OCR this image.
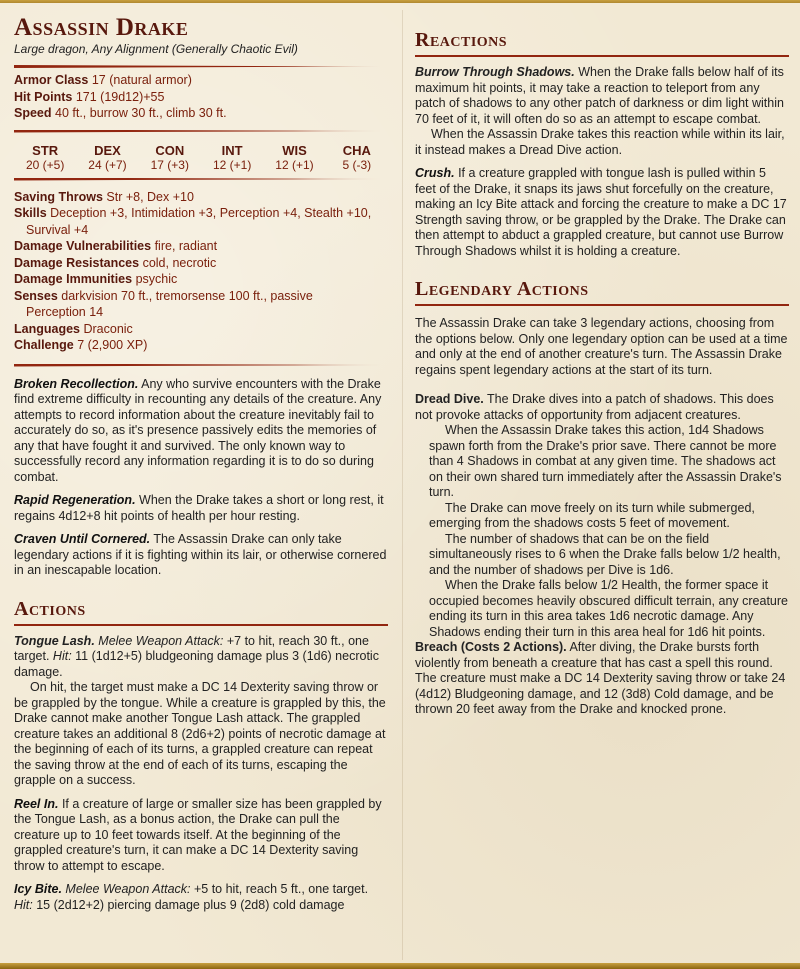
Assassin Drake
Large dragon, Any Alignment (Generally Chaotic Evil)
Armor Class 17 (natural armor)
Hit Points 171 (19d12)+55
Speed 40 ft., burrow 30 ft., climb 30 ft.
STR
20 (+5)
DEX
24 (+7)
CON
17 (+3)
INT
12 (+1)
WIS
12 (+1)
CHA
5 (-3)
Saving Throws Str +8, Dex +10
Skills Deception +3, Intimidation +3, Perception +4, Stealth +10,
Survival +4
Damage Vulnerabilities fire, radiant
Damage Resistances cold, necrotic
Damage Immunities psychic
Senses darkvision 70 ft., tremorsense 100 ft., passive
Perception 14
Languages Draconic
Challenge 7 (2,900 XP)

Broken Recollection. Any who survive encounters with the Drake find extreme difficulty in recounting any details of the creature. Any attempts to record information about the creature inevitably fail to accurately do so, as it's presence passively edits the memories of any that have fought it and survived. The only known way to successfully record any information regarding it is to do so during combat.

Rapid Regeneration. When the Drake takes a short or long rest, it regains 4d12+8 hit points of health per hour resting.

Craven Until Cornered. The Assassin Drake can only take legendary actions if it is fighting within its lair, or otherwise cornered in an inescapable location.

Actions

Tongue Lash. Melee Weapon Attack: +7 to hit, reach 30 ft., one target. Hit: 11 (1d12+5) bludgeoning damage plus 3 (1d6) necrotic damage.

On hit, the target must make a DC 14 Dexterity saving throw or be grappled by the tongue. While a creature is grappled by this, the Drake cannot make another Tongue Lash attack. The grappled creature takes an additional 8 (2d6+2) points of necrotic damage at the beginning of each of its turns, a grappled creature can repeat the saving throw at the end of each of its turns, escaping the grapple on a success.

Reel In. If a creature of large or smaller size has been grappled by the Tongue Lash, as a bonus action, the Drake can pull the creature up to 10 feet towards itself. At the beginning of the grappled creature's turn, it can make a DC 14 Dexterity saving throw to attempt to escape.

Icy Bite. Melee Weapon Attack: +5 to hit, reach 5 ft., one target. Hit: 15 (2d12+2) piercing damage plus 9 (2d8) cold damage

Reactions

Burrow Through Shadows. When the Drake falls below half of its maximum hit points, it may take a reaction to teleport from any patch of shadows to any other patch of darkness or dim light within 70 feet of it, it will often do so as an attempt to escape combat.

When the Assassin Drake takes this reaction while within its lair, it instead makes a Dread Dive action.

Crush. If a creature grappled with tongue lash is pulled within 5 feet of the Drake, it snaps its jaws shut forcefully on the creature, making an Icy Bite attack and forcing the creature to make a DC 17 Strength saving throw, or be grappled by the Drake. The Drake can then attempt to abduct a grappled creature, but cannot use Burrow Through Shadows whilst it is holding a creature.

Legendary Actions

The Assassin Drake can take 3 legendary actions, choosing from the options below. Only one legendary option can be used at a time and only at the end of another creature's turn. The Assassin Drake regains spent legendary actions at the start of its turn.

Dread Dive. The Drake dives into a patch of shadows. This does not provoke attacks of opportunity from adjacent creatures.

When the Assassin Drake takes this action, 1d4 Shadows spawn forth from the Drake's prior save. There cannot be more than 4 Shadows in combat at any given time. The shadows act on their own shared turn immediately after the Assassin Drake's turn.

The Drake can move freely on its turn while submerged, emerging from the shadows costs 5 feet of movement.

The number of shadows that can be on the field simultaneously rises to 6 when the Drake falls below 1/2 health, and the number of shadows per Dive is 1d6.

When the Drake falls below 1/2 Health, the former space it occupied becomes heavily obscured difficult terrain, any creature ending its turn in this area takes 1d6 necrotic damage. Any Shadows ending their turn in this area heal for 1d6 hit points.

Breach (Costs 2 Actions). After diving, the Drake bursts forth violently from beneath a creature that has cast a spell this round. The creature must make a DC 14 Dexterity saving throw or take 24 (4d12) Bludgeoning damage, and 12 (3d8) Cold damage, and be thrown 20 feet away from the Drake and knocked prone.
